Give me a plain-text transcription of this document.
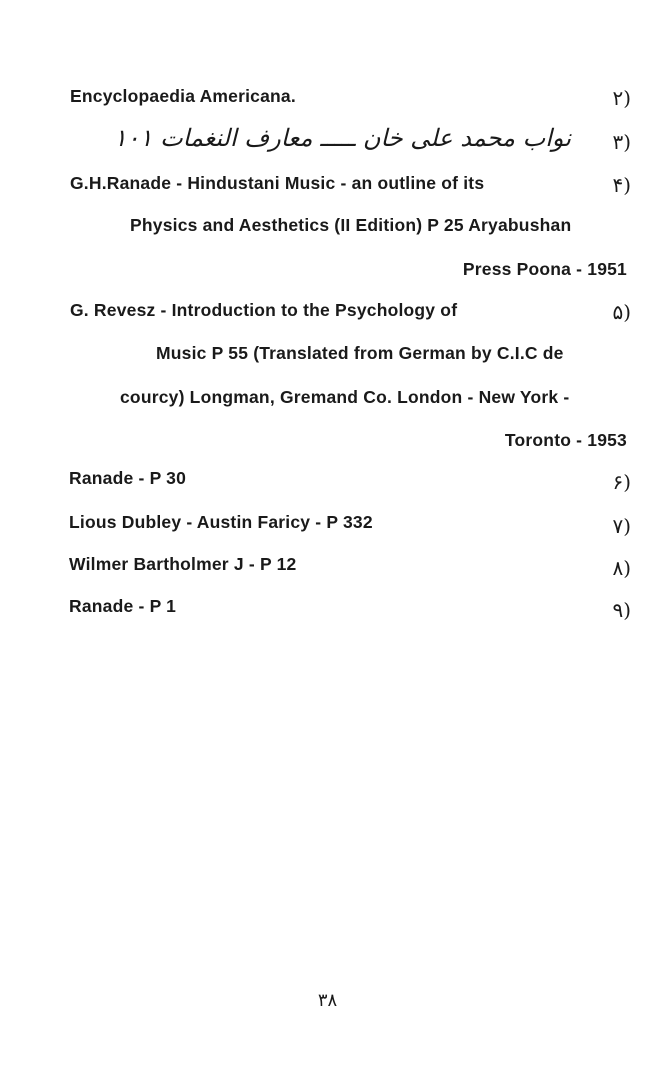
Encyclopaedia Americana.	(۲
نواب محمد علی خان ـــــ معارف النغمات ۱۰۱ (۳
G.H.Ranade - Hindustani Music - an outline of its	(۴
Physics and Aesthetics (II Edition) P 25 Aryabushan
Press Poona - 1951
G. Revesz - Introduction to the Psychology of	(۵
Music P 55 (Translated from German by C.I.C de
courcy) Longman, Gremand Co. London - New York -
Toronto - 1953
Ranade - P 30	(۶
Lious Dubley - Austin Faricy - P 332	(۷
Wilmer Bartholmer J - P 12	(۸
Ranade - P 1	(۹
۳۸
